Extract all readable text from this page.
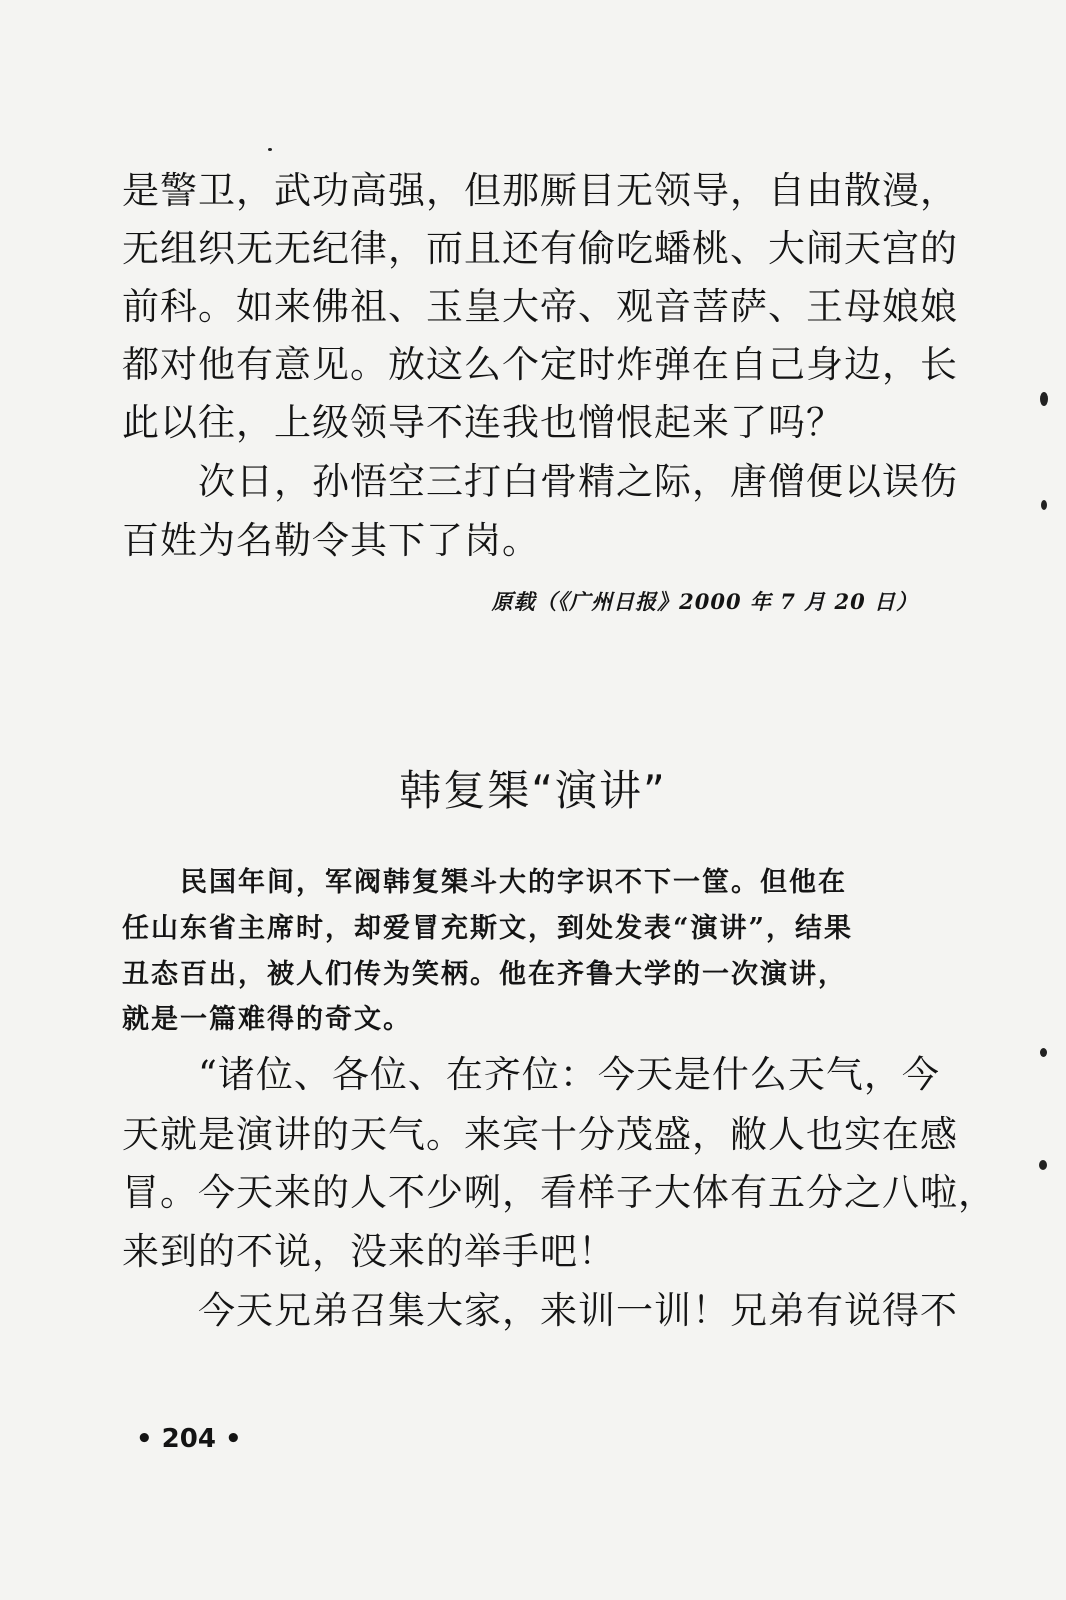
是警卫，武功高强，但那厮目无领导，自由散漫，
无组织无无纪律，而且还有偷吃蟠桃、大闹天宫的
前科。如来佛祖、玉皇大帝、观音菩萨、王母娘娘
都对他有意见。放这么个定时炸弹在自己身边，长
此以往，上级领导不连我也憎恨起来了吗？
　　次日，孙悟空三打白骨精之际，唐僧便以误伤
百姓为名勒令其下了岗。
原载（《广州日报》2000 年 7 月 20 日）
韩复榘“演讲”
　　民国年间，军阀韩复榘斗大的字识不下一筐。但他在
任山东省主席时，却爱冒充斯文，到处发表“演讲”，结果
丑态百出，被人们传为笑柄。他在齐鲁大学的一次演讲，
就是一篇难得的奇文。
　　“诸位、各位、在齐位：今天是什么天气，今
天就是演讲的天气。来宾十分茂盛，敝人也实在感
冒。今天来的人不少咧，看样子大体有五分之八啦，
来到的不说，没来的举手吧！
　　今天兄弟召集大家，来训一训！兄弟有说得不
• 204 •
